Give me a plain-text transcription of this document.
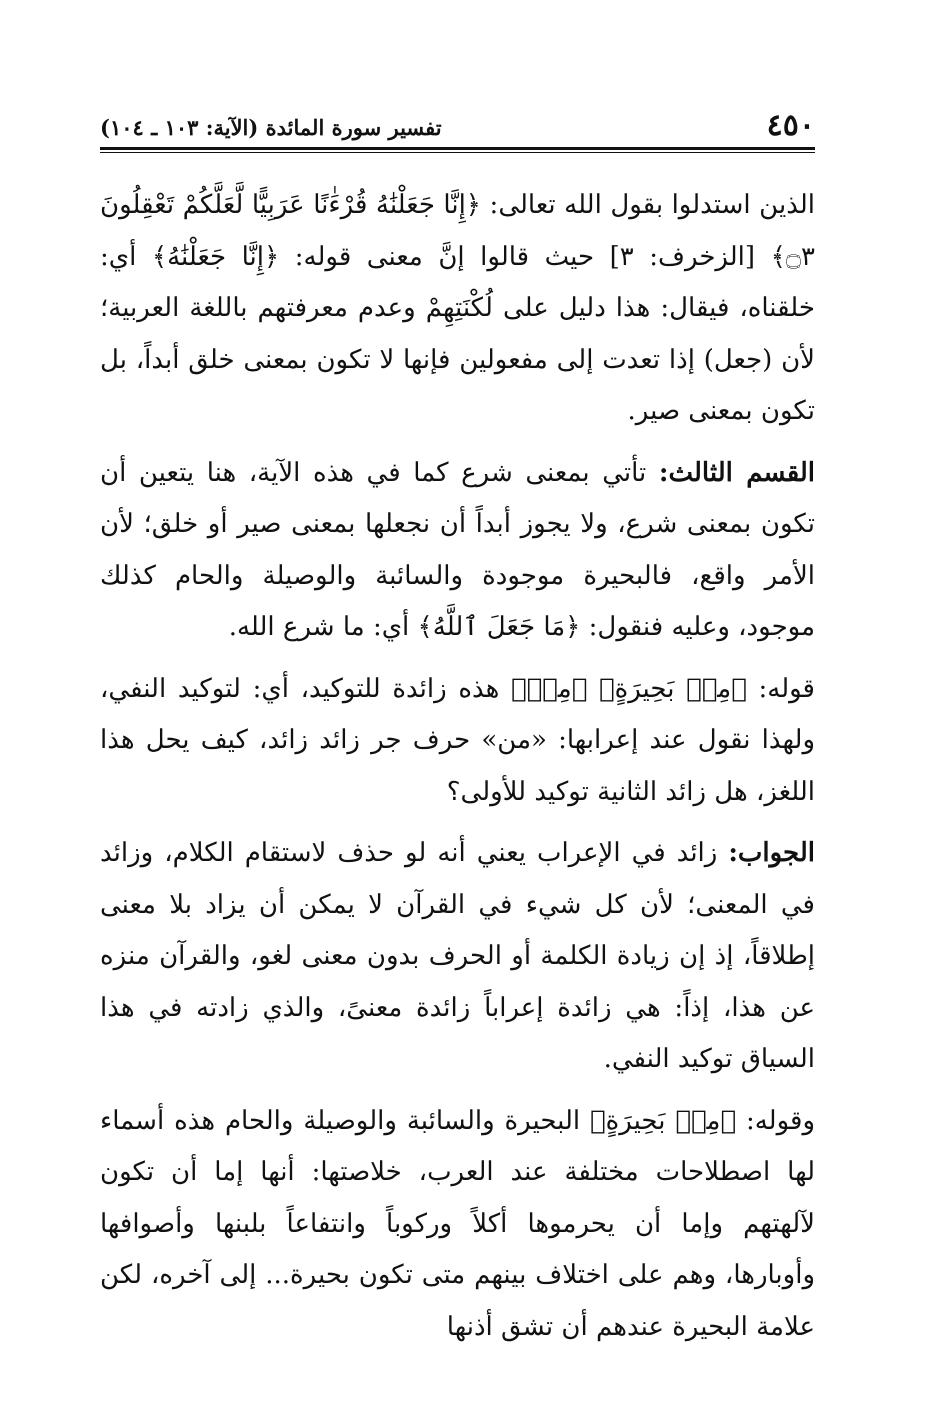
٤٥٠
تفسير سورة المائدة (الآية: ١٠٣ ـ ١٠٤)

الذين استدلوا بقول الله تعالى: ﴿إِنَّا جَعَلْنَٰهُ قُرْءَٰنًا عَرَبِيًّا لَّعَلَّكُمْ تَعْقِلُونَ ۝٣﴾ [الزخرف: ٣] حيث قالوا إنَّ معنى قوله: ﴿إِنَّا جَعَلْنَٰهُ﴾ أي: خلقناه، فيقال: هذا دليل على لُكْنَتِهِمْ وعدم معرفتهم باللغة العربية؛ لأن (جعل) إذا تعدت إلى مفعولين فإنها لا تكون بمعنى خلق أبداً، بل تكون بمعنى صير.

القسم الثالث: تأتي بمعنى شرع كما في هذه الآية، هنا يتعين أن تكون بمعنى شرع، ولا يجوز أبداً أن نجعلها بمعنى صير أو خلق؛ لأن الأمر واقع، فالبحيرة موجودة والسائبة والوصيلة والحام كذلك موجود، وعليه فنقول: ﴿مَا جَعَلَ ٱللَّهُ﴾ أي: ما شرع الله.

قوله: ﴿مِنۢ بَحِيرَةٍ﴾ ﴿مِنۢ﴾ هذه زائدة للتوكيد، أي: لتوكيد النفي، ولهذا نقول عند إعرابها: «من» حرف جر زائد زائد، كيف يحل هذا اللغز، هل زائد الثانية توكيد للأولى؟

الجواب: زائد في الإعراب يعني أنه لو حذف لاستقام الكلام، وزائد في المعنى؛ لأن كل شيء في القرآن لا يمكن أن يزاد بلا معنى إطلاقاً، إذ إن زيادة الكلمة أو الحرف بدون معنى لغو، والقرآن منزه عن هذا، إذاً: هي زائدة إعراباً زائدة معنىً، والذي زادته في هذا السياق توكيد النفي.

وقوله: ﴿مِنۢ بَحِيرَةٍ﴾ البحيرة والسائبة والوصيلة والحام هذه أسماء لها اصطلاحات مختلفة عند العرب، خلاصتها: أنها إما أن تكون لآلهتهم وإما أن يحرموها أكلاً وركوباً وانتفاعاً بلبنها وأصوافها وأوبارها، وهم على اختلاف بينهم متى تكون بحيرة... إلى آخره، لكن علامة البحيرة عندهم أن تشق أذنها
